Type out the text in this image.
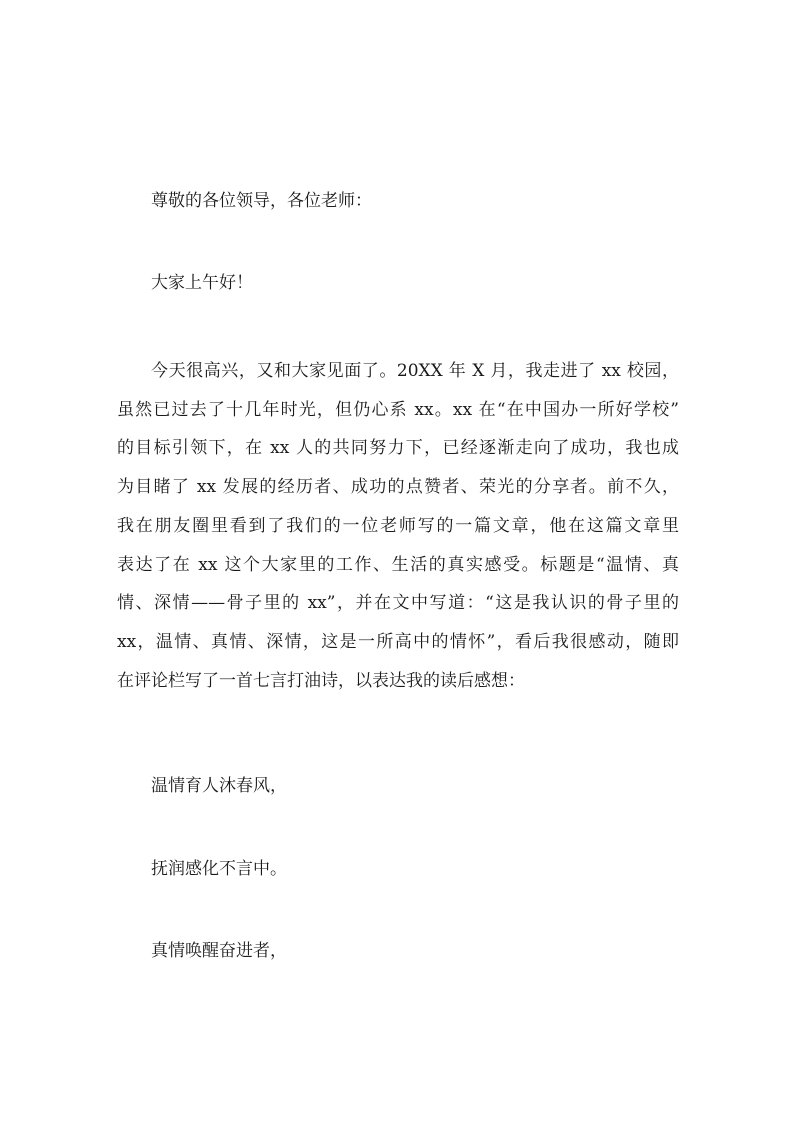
尊敬的各位领导，各位老师：
大家上午好！
今天很高兴，又和大家见面了。20XX 年 X 月，我走进了 xx 校园，
虽然已过去了十几年时光，但仍心系 xx。xx 在“在中国办一所好学校”
的目标引领下，在 xx 人的共同努力下，已经逐渐走向了成功，我也成
为目睹了 xx 发展的经历者、成功的点赞者、荣光的分享者。前不久，
我在朋友圈里看到了我们的一位老师写的一篇文章，他在这篇文章里
表达了在 xx 这个大家里的工作、生活的真实感受。标题是“温情、真
情、深情——骨子里的 xx”，并在文中写道：“这是我认识的骨子里的
xx，温情、真情、深情，这是一所高中的情怀”，看后我很感动，随即
在评论栏写了一首七言打油诗，以表达我的读后感想：
温情育人沐春风，
抚润感化不言中。
真情唤醒奋进者，
